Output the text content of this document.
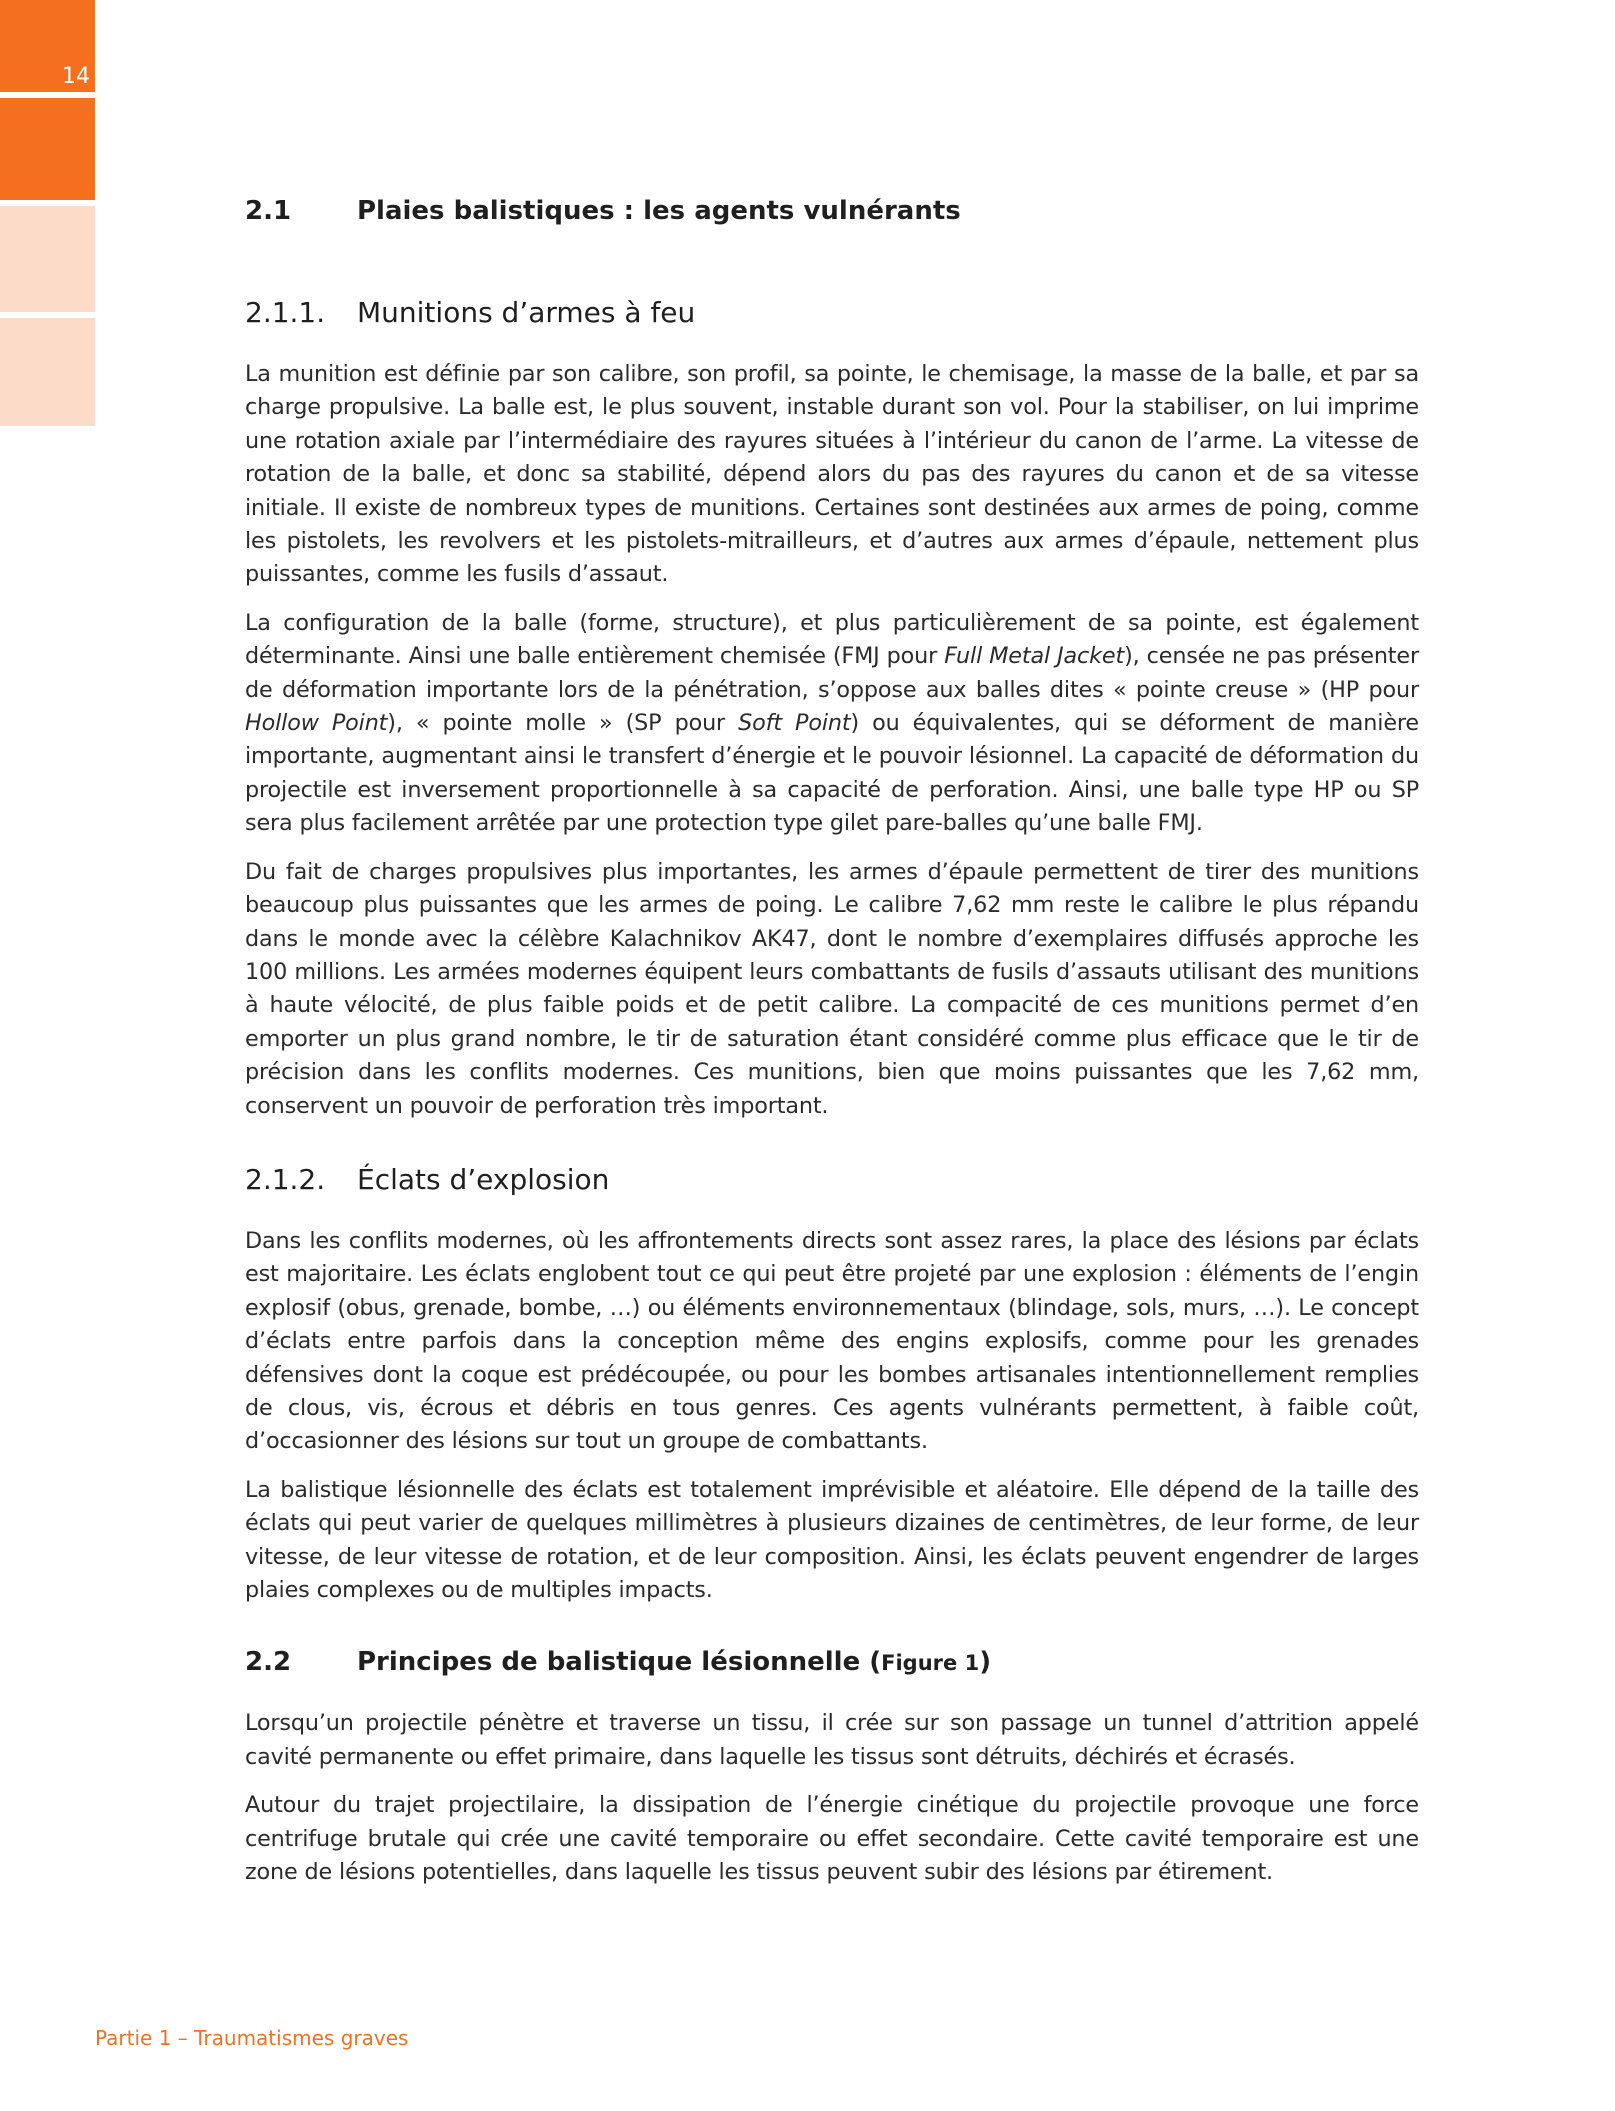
14
2.1	Plaies balistiques : les agents vulnérants
2.1.1.	Munitions d’armes à feu

La munition est définie par son calibre, son profil, sa pointe, le chemisage, la masse de la balle, et par sa charge propulsive. La balle est, le plus souvent, instable durant son vol. Pour la stabiliser, on lui imprime une rotation axiale par l’intermédiaire des rayures situées à l’intérieur du canon de l’arme. La vitesse de rotation de la balle, et donc sa stabilité, dépend alors du pas des rayures du canon et de sa vitesse initiale. Il existe de nombreux types de munitions. Certaines sont destinées aux armes de poing, comme les pistolets, les revolvers et les pistolets-mitrailleurs, et d’autres aux armes d’épaule, nettement plus puissantes, comme les fusils d’assaut.

La configuration de la balle (forme, structure), et plus particulièrement de sa pointe, est également déterminante. Ainsi une balle entièrement chemisée (FMJ pour Full Metal Jacket), censée ne pas présenter de déformation importante lors de la pénétration, s’oppose aux balles dites « pointe creuse » (HP pour Hollow Point), « pointe molle » (SP pour Soft Point) ou équivalentes, qui se déforment de manière importante, augmentant ainsi le transfert d’énergie et le pouvoir lésionnel. La capacité de déformation du projectile est inversement proportionnelle à sa capacité de perforation. Ainsi, une balle type HP ou SP sera plus facilement arrêtée par une protection type gilet pare-balles qu’une balle FMJ.

Du fait de charges propulsives plus importantes, les armes d’épaule permettent de tirer des munitions beaucoup plus puissantes que les armes de poing. Le calibre 7,62 mm reste le calibre le plus répandu dans le monde avec la célèbre Kalachnikov AK47, dont le nombre d’exemplaires diffusés approche les 100 millions. Les armées modernes équipent leurs combattants de fusils d’assauts utilisant des munitions à haute vélocité, de plus faible poids et de petit calibre. La compacité de ces munitions permet d’en emporter un plus grand nombre, le tir de saturation étant considéré comme plus efficace que le tir de précision dans les conflits modernes. Ces munitions, bien que moins puissantes que les 7,62 mm, conservent un pouvoir de perforation très important.

2.1.2.	Éclats d’explosion

Dans les conflits modernes, où les affrontements directs sont assez rares, la place des lésions par éclats est majoritaire. Les éclats englobent tout ce qui peut être projeté par une explosion : éléments de l’engin explosif (obus, grenade, bombe, …) ou éléments environnementaux (blindage, sols, murs, …). Le concept d’éclats entre parfois dans la conception même des engins explosifs, comme pour les grenades défensives dont la coque est prédécoupée, ou pour les bombes artisanales intentionnellement remplies de clous, vis, écrous et débris en tous genres. Ces agents vulnérants permettent, à faible coût, d’occasionner des lésions sur tout un groupe de combattants.

La balistique lésionnelle des éclats est totalement imprévisible et aléatoire. Elle dépend de la taille des éclats qui peut varier de quelques millimètres à plusieurs dizaines de centimètres, de leur forme, de leur vitesse, de leur vitesse de rotation, et de leur composition. Ainsi, les éclats peuvent engendrer de larges plaies complexes ou de multiples impacts.

2.2	Principes de balistique lésionnelle (Figure 1)

Lorsqu’un projectile pénètre et traverse un tissu, il crée sur son passage un tunnel d’attrition appelé cavité permanente ou effet primaire, dans laquelle les tissus sont détruits, déchirés et écrasés.

Autour du trajet projectilaire, la dissipation de l’énergie cinétique du projectile provoque une force centrifuge brutale qui crée une cavité temporaire ou effet secondaire. Cette cavité temporaire est une zone de lésions potentielles, dans laquelle les tissus peuvent subir des lésions par étirement.

Partie 1 – Traumatismes graves
